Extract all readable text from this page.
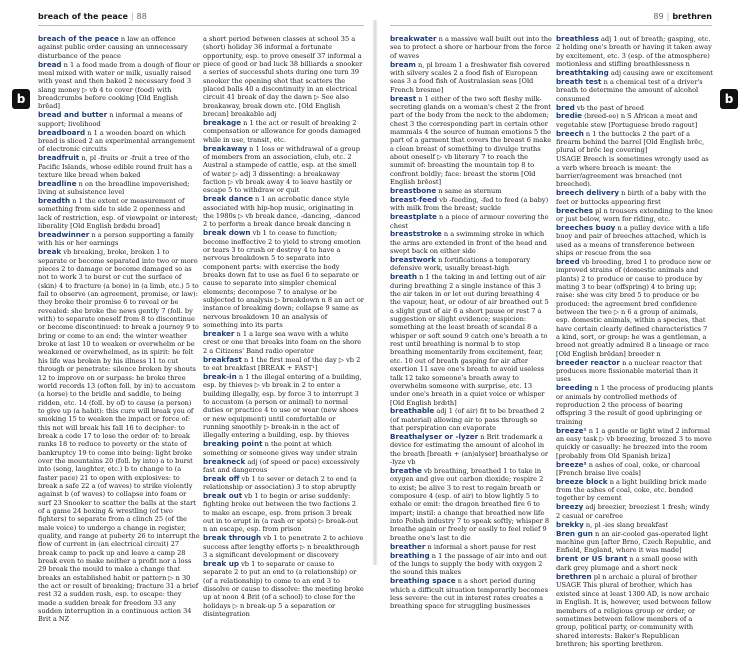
breach of the peace | 88	89 | brethren
b	b
breach of the peace n law an offence against public order causing an unnecessary disturbance of the peace
bread n 1 a food made from a dough of flour or meal mixed with water or milk, usually raised with yeast and then baked 2 necessary food 3 slang money ▷ vb 4 to cover (food) with breadcrumbs before cooking [Old English brēad]
bread and butter n informal a means of support; livelihood
breadboard n 1 a wooden board on which bread is sliced 2 an experimental arrangement of electronic circuits
breadfruit n, pl -fruits or -fruit a tree of the Pacific Islands, whose edible round fruit has a texture like bread when baked
breadline n on the breadline impoverished; living at subsistence level
breadth n 1 the extent or measurement of something from side to side 2 openness and lack of restriction, esp. of viewpoint or interest; liberality [Old English brǣdu broad]
breadwinner n a person supporting a family with his or her earnings
break vb breaking, broke, broken 1 to separate or become separated into two or more pieces 2 to damage or become damaged so as not to work 3 to burst or cut the surface of (skin) 4 to fracture (a bone) in (a limb, etc.) 5 to fail to observe (an agreement, promise, or law): they broke their promise 6 to reveal or be revealed: she broke the news gently 7 (foll. by with) to separate oneself from 8 to discontinue or become discontinued: to break a journey 9 to bring or come to an end: the winter weather broke at last 10 to weaken or overwhelm or be weakened or overwhelmed, as in spirit: he felt his life was broken by his illness 11 to cut through or penetrate: silence broken by shouts 12 to improve on or surpass: he broke three world records 13 (often foll. by in) to accustom (a horse) to the bridle and saddle, to being ridden, etc. 14 (foll. by of) to cause (a person) to give up (a habit): this cure will break you of smoking 15 to weaken the impact or force of: this net will break his fall 16 to decipher: to break a code 17 to lose the order of: to break ranks 18 to reduce to poverty or the state of bankruptcy 19 to come into being: light broke over the mountains 20 (foll. by into) a to burst into (song, laughter, etc.) b to change to (a faster pace) 21 to open with explosives: to break a safe 22 a (of waves) to strike violently against b (of waves) to collapse into foam or surf 23 Snooker to scatter the balls at the start of a game 24 boxing & wrestling (of two fighters) to separate from a clinch 25 (of the male voice) to undergo a change in register, quality, and range at puberty 26 to interrupt the flow of current in (an electrical circuit) 27 break camp to pack up and leave a camp 28 break even to make neither a profit nor a loss 29 break the mould to make a change that breaks an established habit or pattern ▷ n 30 the act or result of breaking; fracture 31 a brief rest 32 a sudden rush, esp. to escape: they made a sudden break for freedom 33 any sudden interruption in a continuous action 34 Brit a NZ
a short period between classes at school 35 a (short) holiday 36 informal a fortunate opportunity, esp. to prove oneself 37 informal a piece of good or bad luck 38 billiards a snooker a series of successful shots during one turn 39 snooker the opening shot that scatters the placed balls 40 a discontinuity in an electrical circuit 41 break of day the dawn ▷ See also breakaway, break down etc. [Old English brecan] breakable adj
breakage n 1 the act or result of breaking 2 compensation or allowance for goods damaged while in use, transit, etc.
breakaway n 1 loss or withdrawal of a group of members from an association, club, etc. 2 Austral a stampede of cattle, esp. at the smell of water ▷ adj 3 dissenting: a breakaway faction ▷ vb break away 4 to leave hastily or escape 5 to withdraw or quit
break dance n 1 an acrobatic dance style associated with hip-hop music, originating in the 1980s ▷ vb break dance, -dancing, -danced 2 to perform a break dance break dancing n
break down vb 1 to cease to function; become ineffective 2 to yield to strong emotion or tears 3 to crush or destroy 4 to have a nervous breakdown 5 to separate into component parts: with exercise the body breaks down fat to use as fuel 6 to separate or cause to separate into simpler chemical elements; decompose 7 to analyse or be subjected to analysis ▷ breakdown n 8 an act or instance of breaking down; collapse 9 same as nervous breakdown 10 an analysis of something into its parts
breaker n 1 a large sea wave with a white crest or one that breaks into foam on the shore 2 a Citizens' Band radio operator
breakfast n 1 the first meal of the day ▷ vb 2 to eat breakfast [BREAK + FAST¹]
break-in n 1 the illegal entering of a building, esp. by thieves ▷ vb break in 2 to enter a building illegally, esp. by force 3 to interrupt 3 to accustom (a person or animal) to normal duties or practice 4 to use or wear (new shoes or new equipment) until comfortable or running smoothly ▷ break-in n the act of illegally entering a building, esp. by thieves
breaking point n the point at which something or someone gives way under strain
breakneck adj (of speed or pace) excessively fast and dangerous
break off vb 1 to sever or detach 2 to end (a relationship or association) 3 to stop abruptly
break out vb 1 to begin or arise suddenly: fighting broke out between the two factions 2 to make an escape, esp. from prison 3 break out in to erupt in (a rash or spots) ▷ break-out n an escape, esp. from prison
break through vb 1 to penetrate 2 to achieve success after lengthy efforts ▷ n breakthrough 3 a significant development or discovery
break up vb 1 to separate or cause to separate 2 to put an end to (a relationship) or (of a relationship) to come to an end 3 to dissolve or cause to dissolve: the meeting broke up at noon 4 Brit (of a school) to close for the holidays ▷ n break-up 5 a separation or disintegration
breakwater n a massive wall built out into the sea to protect a shore or harbour from the force of waves
bream n, pl bream 1 a freshwater fish covered with silvery scales 2 a food fish of European seas 3 a food fish of Australasian seas [Old French bresme]
breast n 1 either of the two soft fleshy milk-secreting glands on a woman's chest 2 the front part of the body from the neck to the abdomen; chest 3 the corresponding part in certain other mammals 4 the source of human emotions 5 the part of a garment that covers the breast 6 make a clean breast of something to divulge truths about oneself ▷ vb literary 7 to reach the summit of: breasting the mountain top 8 to confront boldly; face: breast the storm [Old English brēost]
breastbone n same as sternum
breast-feed vb -feeding, -fed to feed (a baby) with milk from the breast; suckle
breastplate n a piece of armour covering the chest
breaststroke n a swimming stroke in which the arms are extended in front of the head and swept back on either side
breastwork n fortifications a temporary defensive work, usually breast-high
breath n 1 the taking in and letting out of air during breathing 2 a single instance of this 3 the air taken in or let out during breathing 4 the vapour, heat, or odour of air breathed out 5 a slight gust of air 6 a short pause or rest 7 a suggestion or slight evidence; suspicion: something at the least breath of scandal 8 a whisper or soft sound 9 catch one's breath a to rest until breathing is normal b to stop breathing momentarily from excitement, fear, etc. 10 out of breath gasping for air after exertion 11 save one's breath to avoid useless talk 12 take someone's breath away to overwhelm someone with surprise, etc. 13 under one's breath in a quiet voice or whisper [Old English brǣth]
breathable adj 1 (of air) fit to be breathed 2 (of material) allowing air to pass through so that perspiration can evaporate
Breathalyser or -lyzer n Brit trademark a device for estimating the amount of alcohol in the breath [breath + (an)alyser] breathalyse or -lyze vb
breathe vb breathing, breathed 1 to take in oxygen and give out carbon dioxide; respire 2 to exist; be alive 3 to rest to regain breath or composure 4 (esp. of air) to blow lightly 5 to exhale or emit: the dragon breathed fire 6 to impart; instil: a change that breathed new life into Polish industry 7 to speak softly; whisper 8 breathe again or freely or easily to feel relief 9 breathe one's last to die
breather n informal a short pause for rest
breathing n 1 the passage of air into and out of the lungs to supply the body with oxygen 2 the sound this makes
breathing space n a short period during which a difficult situation temporarily becomes less severe: the cut in interest rates creates a breathing space for struggling businesses
breathless adj 1 out of breath; gasping, etc. 2 holding one's breath or having it taken away by excitement, etc. 3 (esp. of the atmosphere) motionless and stifling breathlessness n
breathtaking adj causing awe or excitement
breath test n a chemical test of a driver's breath to determine the amount of alcohol consumed
bred vb the past of breed
bredie (breed-ee) n S African a meat and vegetable stew [Portuguese bredo ragout]
breech n 1 the buttocks 2 the part of a firearm behind the barrel [Old English brēc, plural of brōc leg covering]
USAGE Breech is sometimes wrongly used as a verb where breach is meant: the barrier/agreement was breached (not breeched).
breech delivery n birth of a baby with the feet or buttocks appearing first
breeches pl n trousers extending to the knee or just below, worn for riding, etc.
breeches buoy n a pulley device with a life buoy and pair of breeches attached, which is used as a means of transference between ships or rescue from the sea
breed vb breeding, bred 1 to produce new or improved strains of (domestic animals and plants) 2 to produce or cause to produce by mating 3 to bear (offspring) 4 to bring up; raise: she was city bred 5 to produce or be produced: the agreement bred confidence between the two ▷ n 6 a group of animals, esp. domestic animals, within a species, that have certain clearly defined characteristics 7 a kind, sort, or group: he was a gentleman, a breed not greatly admired 8 a lineage or race [Old English brēdan] breeder n
breeder reactor n a nuclear reactor that produces more fissionable material than it uses
breeding n 1 the process of producing plants or animals by controlled methods of reproduction 2 the process of bearing offspring 3 the result of good upbringing or training
breeze¹ n 1 a gentle or light wind 2 informal an easy task ▷ vb breezing, breezed 3 to move quickly or casually: he breezed into the room [probably from Old Spanish briza]
breeze² n ashes of coal, coke, or charcoal [French braise live coals]
breeze block n a light building brick made from the ashes of coal, coke, etc. bonded together by cement
breezy adj breezier, breeziest 1 fresh; windy 2 casual or carefree
brekky n, pl -ies slang breakfast
Bren gun n an air-cooled gas-operated light machine gun [after Brno, Czech Republic, and Enfield, England, where it was made]
brent or US brant n a small goose with dark grey plumage and a short neck
brethren pl n archaic a plural of brother
USAGE This plural of brother, which has existed since at least 1300 AD, is now archaic in English. It is, however, used between fellow members of a religious group or order, or sometimes between fellow members of a group, political party, or community with shared interests: Baker's Republican brethren; his sporting brethren.
